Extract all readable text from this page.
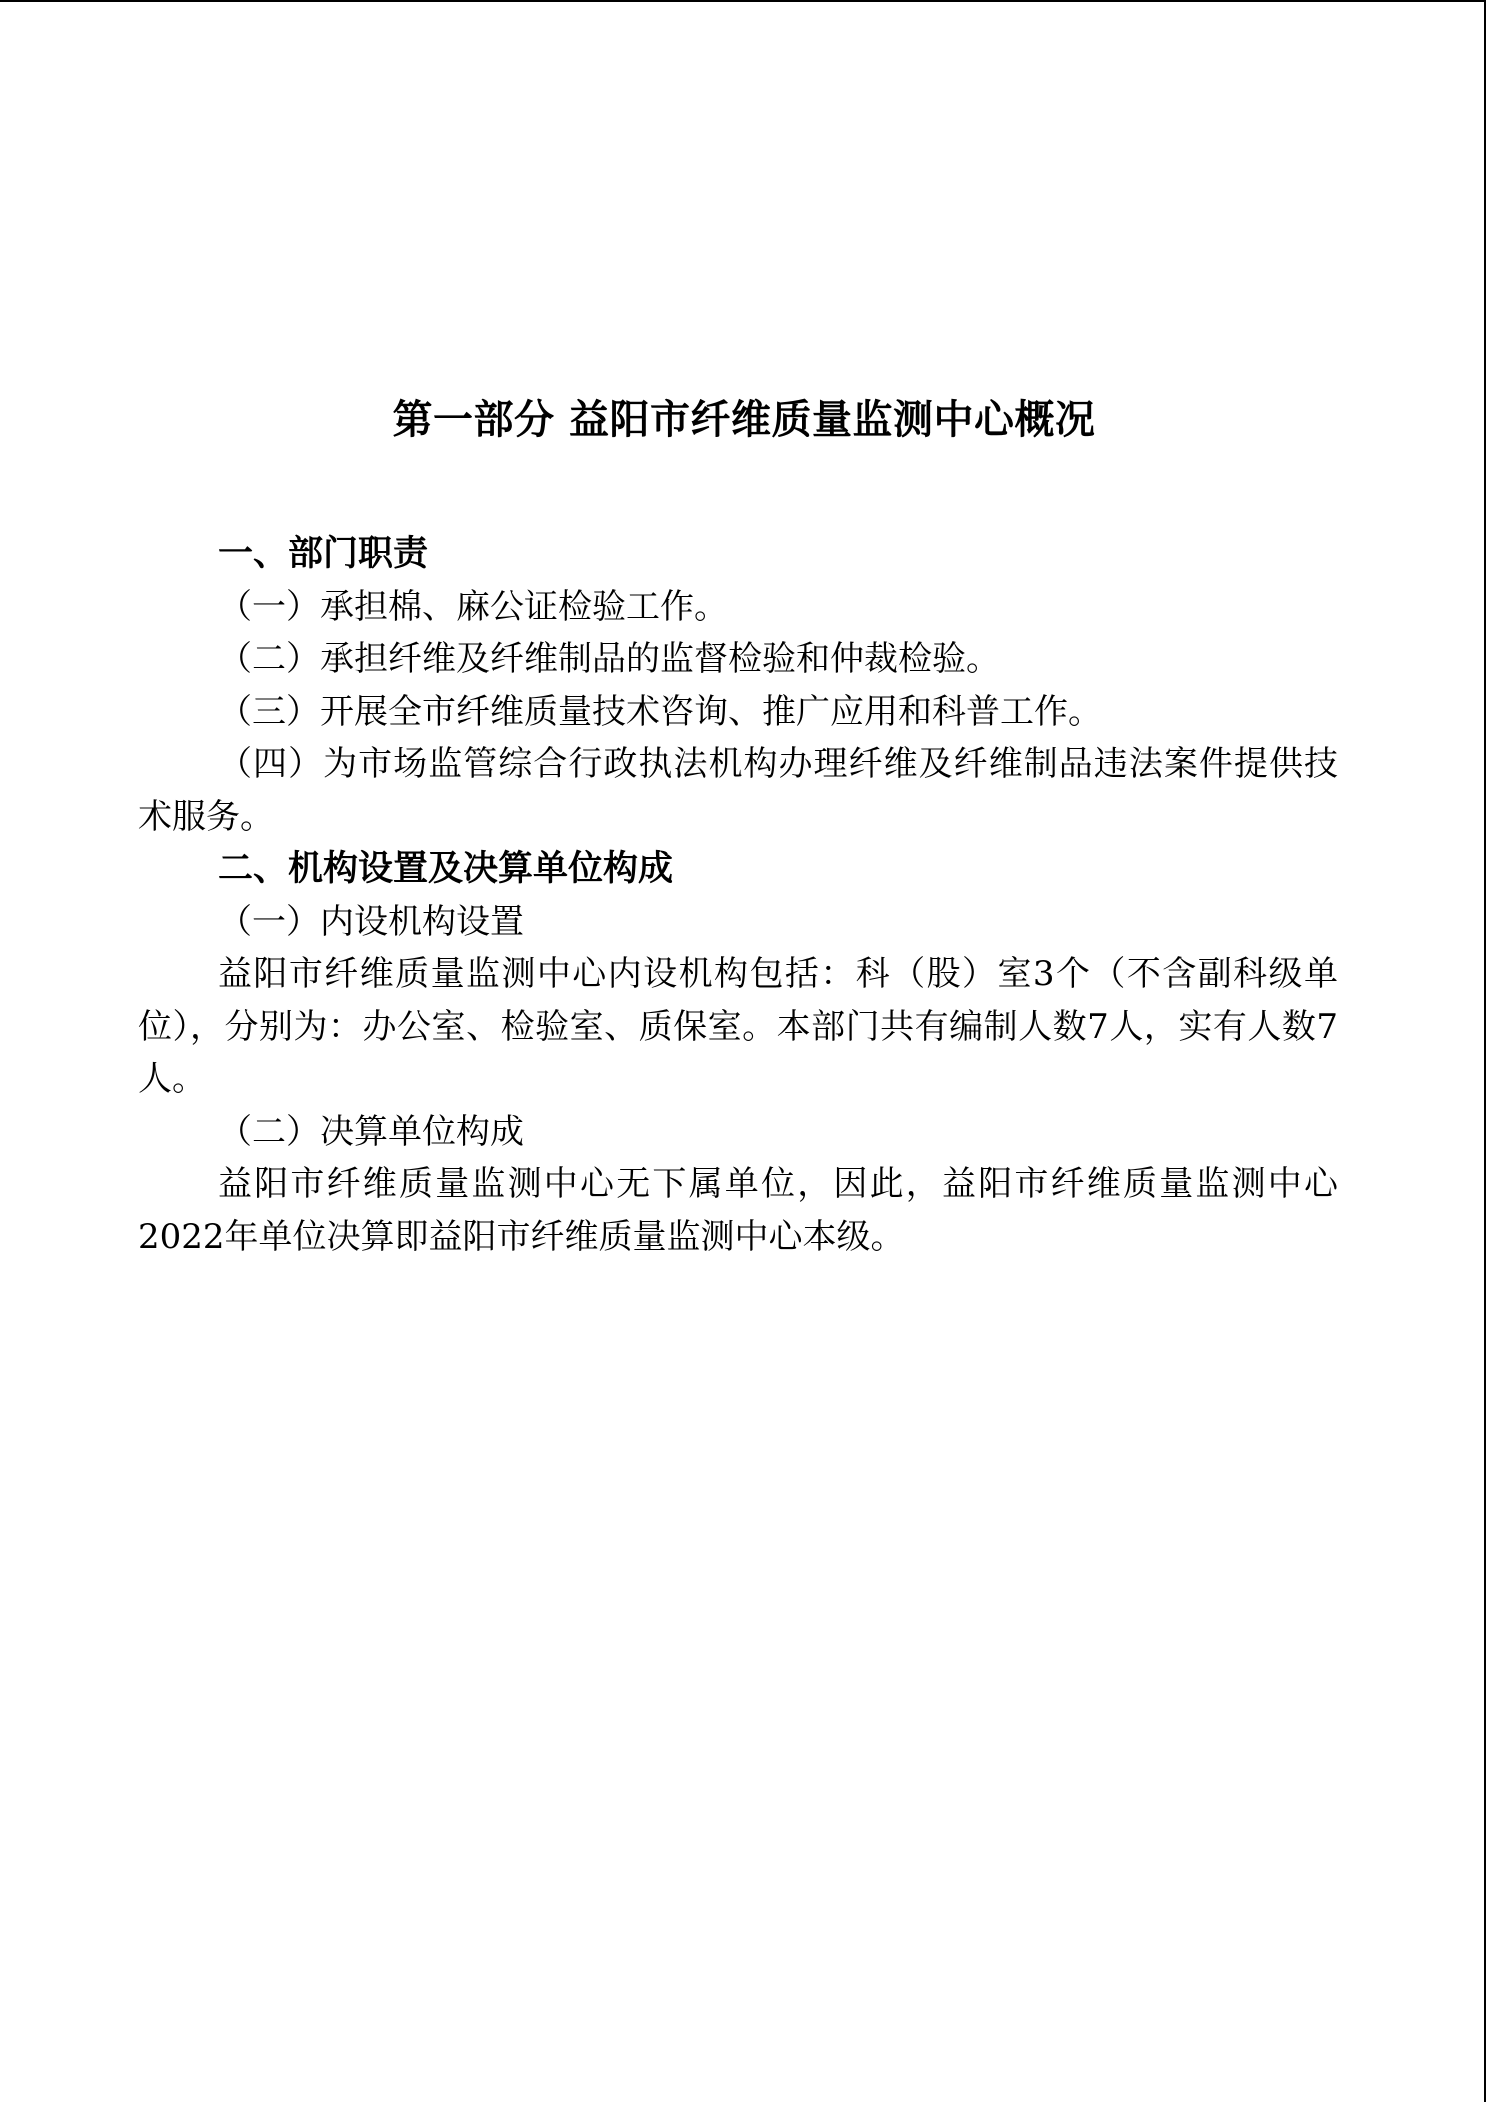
第一部分 益阳市纤维质量监测中心概况

一、部门职责

（一）承担棉、麻公证检验工作。

（二）承担纤维及纤维制品的监督检验和仲裁检验。

（三）开展全市纤维质量技术咨询、推广应用和科普工作。

（四）为市场监管综合行政执法机构办理纤维及纤维制品违法案件提供技术服务。

二、机构设置及决算单位构成

（一）内设机构设置

益阳市纤维质量监测中心内设机构包括：科（股）室3个（不含副科级单位），分别为：办公室、检验室、质保室。本部门共有编制人数7人，实有人数7人。

（二）决算单位构成

益阳市纤维质量监测中心无下属单位，因此，益阳市纤维质量监测中心2022年单位决算即益阳市纤维质量监测中心本级。
